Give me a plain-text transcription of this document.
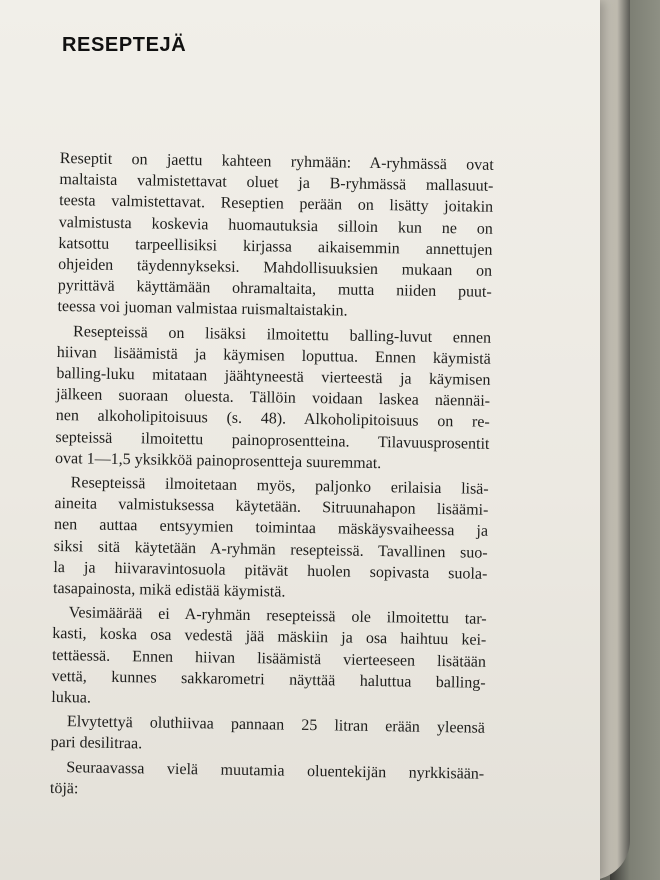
RESEPTEJÄ
Reseptit on jaettu kahteen ryhmään: A-ryhmässä ovat
maltaista valmistettavat oluet ja B-ryhmässä mallasuut-
teesta valmistettavat. Reseptien perään on lisätty joitakin
valmistusta koskevia huomautuksia silloin kun ne on
katsottu tarpeellisiksi kirjassa aikaisemmin annettujen
ohjeiden täydennykseksi. Mahdollisuuksien mukaan on
pyrittävä käyttämään ohramaltaita, mutta niiden puut-
teessa voi juoman valmistaa ruismaltaistakin.
Resepteissä on lisäksi ilmoitettu balling-luvut ennen
hiivan lisäämistä ja käymisen loputtua. Ennen käymistä
balling-luku mitataan jäähtyneestä vierteestä ja käymisen
jälkeen suoraan oluesta. Tällöin voidaan laskea näennäi-
nen alkoholipitoisuus (s. 48). Alkoholipitoisuus on re-
septeissä ilmoitettu painoprosentteina. Tilavuusprosentit
ovat 1—1,5 yksikköä painoprosentteja suuremmat.
Resepteissä ilmoitetaan myös, paljonko erilaisia lisä-
aineita valmistuksessa käytetään. Sitruunahapon lisäämi-
nen auttaa entsyymien toimintaa mäskäysvaiheessa ja
siksi sitä käytetään A-ryhmän resepteissä. Tavallinen suo-
la ja hiivaravintosuola pitävät huolen sopivasta suola-
tasapainosta, mikä edistää käymistä.
Vesimäärää ei A-ryhmän resepteissä ole ilmoitettu tar-
kasti, koska osa vedestä jää mäskiin ja osa haihtuu kei-
tettäessä. Ennen hiivan lisäämistä vierteeseen lisätään
vettä, kunnes sakkarometri näyttää haluttua balling-
lukua.
Elvytettyä oluthiivaa pannaan 25 litran erään yleensä
pari desilitraa.
Seuraavassa vielä muutamia oluentekijän nyrkkisään-
töjä:
